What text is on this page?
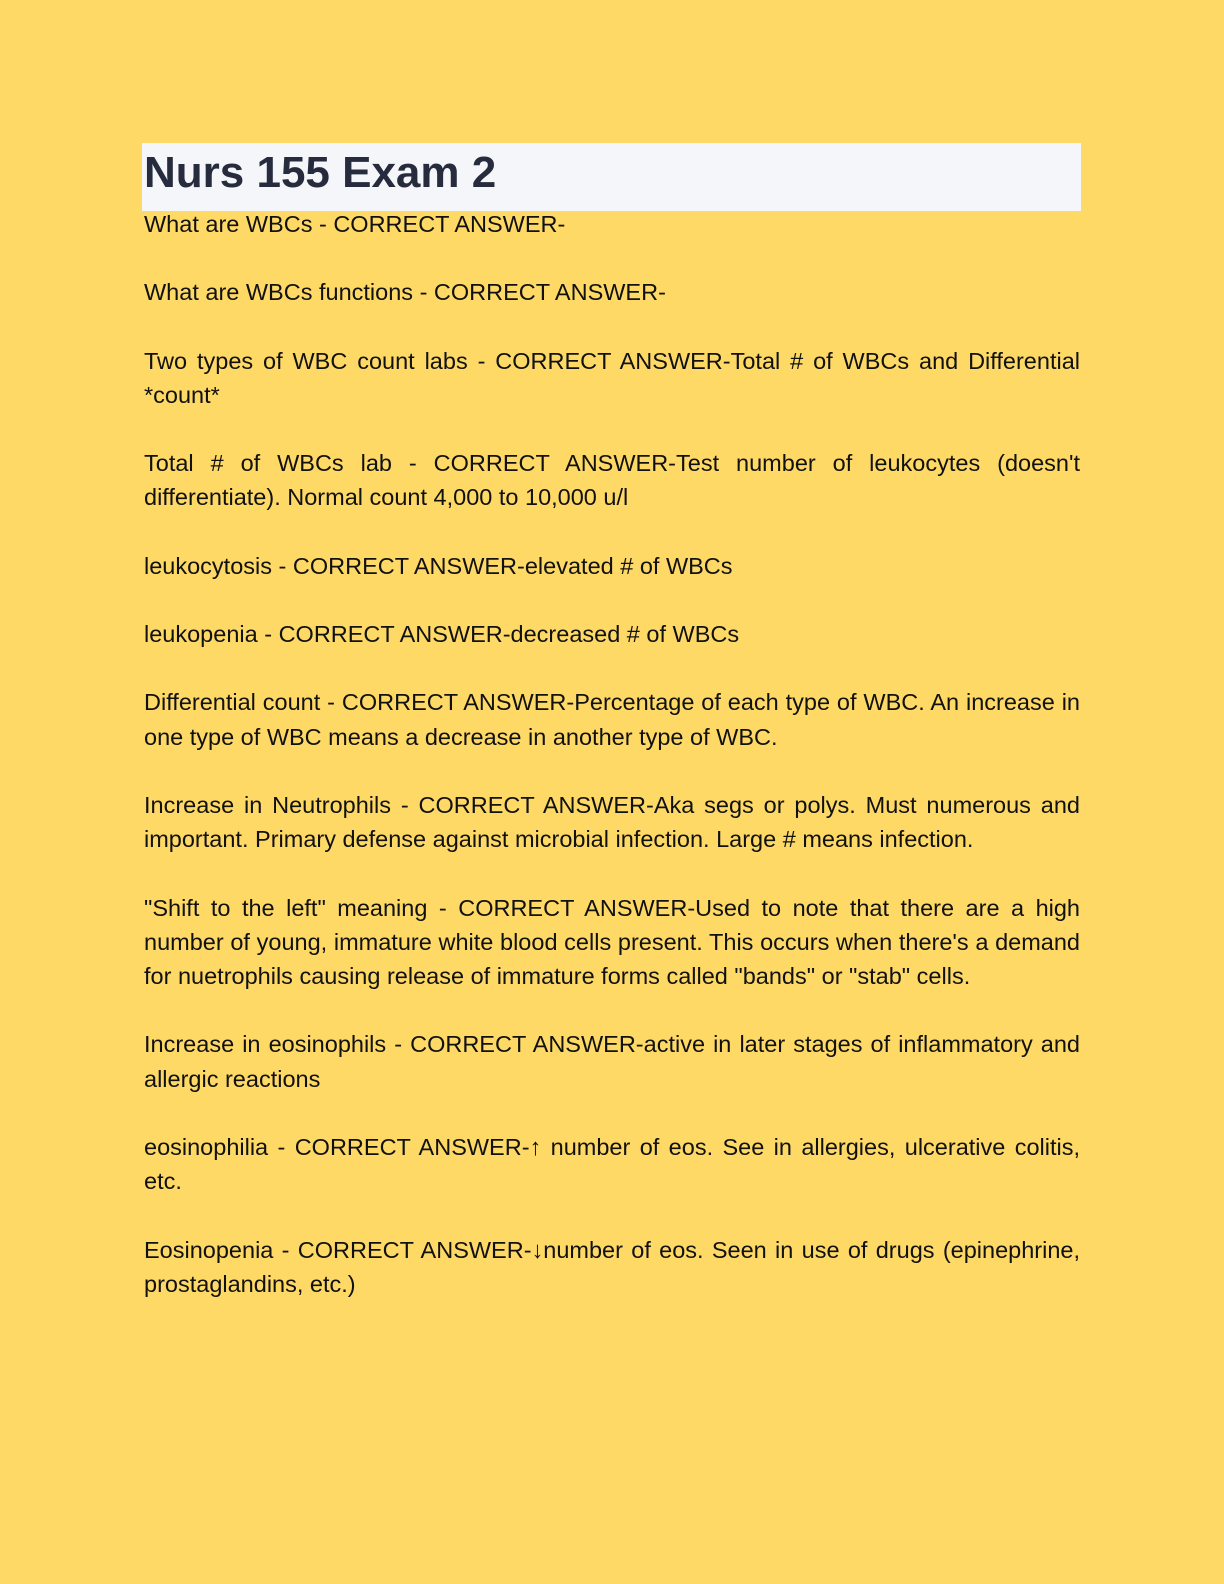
Nurs 155 Exam 2

What are WBCs - CORRECT ANSWER-

What are WBCs functions - CORRECT ANSWER-

Two types of WBC count labs - CORRECT ANSWER-Total # of WBCs and Differential *count*

Total # of WBCs lab - CORRECT ANSWER-Test number of leukocytes (doesn't differentiate). Normal count 4,000 to 10,000 u/l

leukocytosis - CORRECT ANSWER-elevated # of WBCs

leukopenia - CORRECT ANSWER-decreased # of WBCs

Differential count - CORRECT ANSWER-Percentage of each type of WBC. An increase in one type of WBC means a decrease in another type of WBC.

Increase in Neutrophils - CORRECT ANSWER-Aka segs or polys. Must numerous and important. Primary defense against microbial infection. Large # means infection.

"Shift to the left" meaning - CORRECT ANSWER-Used to note that there are a high number of young, immature white blood cells present. This occurs when there's a demand for nuetrophils causing release of immature forms called "bands" or "stab" cells.

Increase in eosinophils - CORRECT ANSWER-active in later stages of inflammatory and allergic reactions

eosinophilia - CORRECT ANSWER-↑ number of eos. See in allergies, ulcerative colitis, etc.

Eosinopenia - CORRECT ANSWER-↓number of eos. Seen in use of drugs (epinephrine, prostaglandins, etc.)
